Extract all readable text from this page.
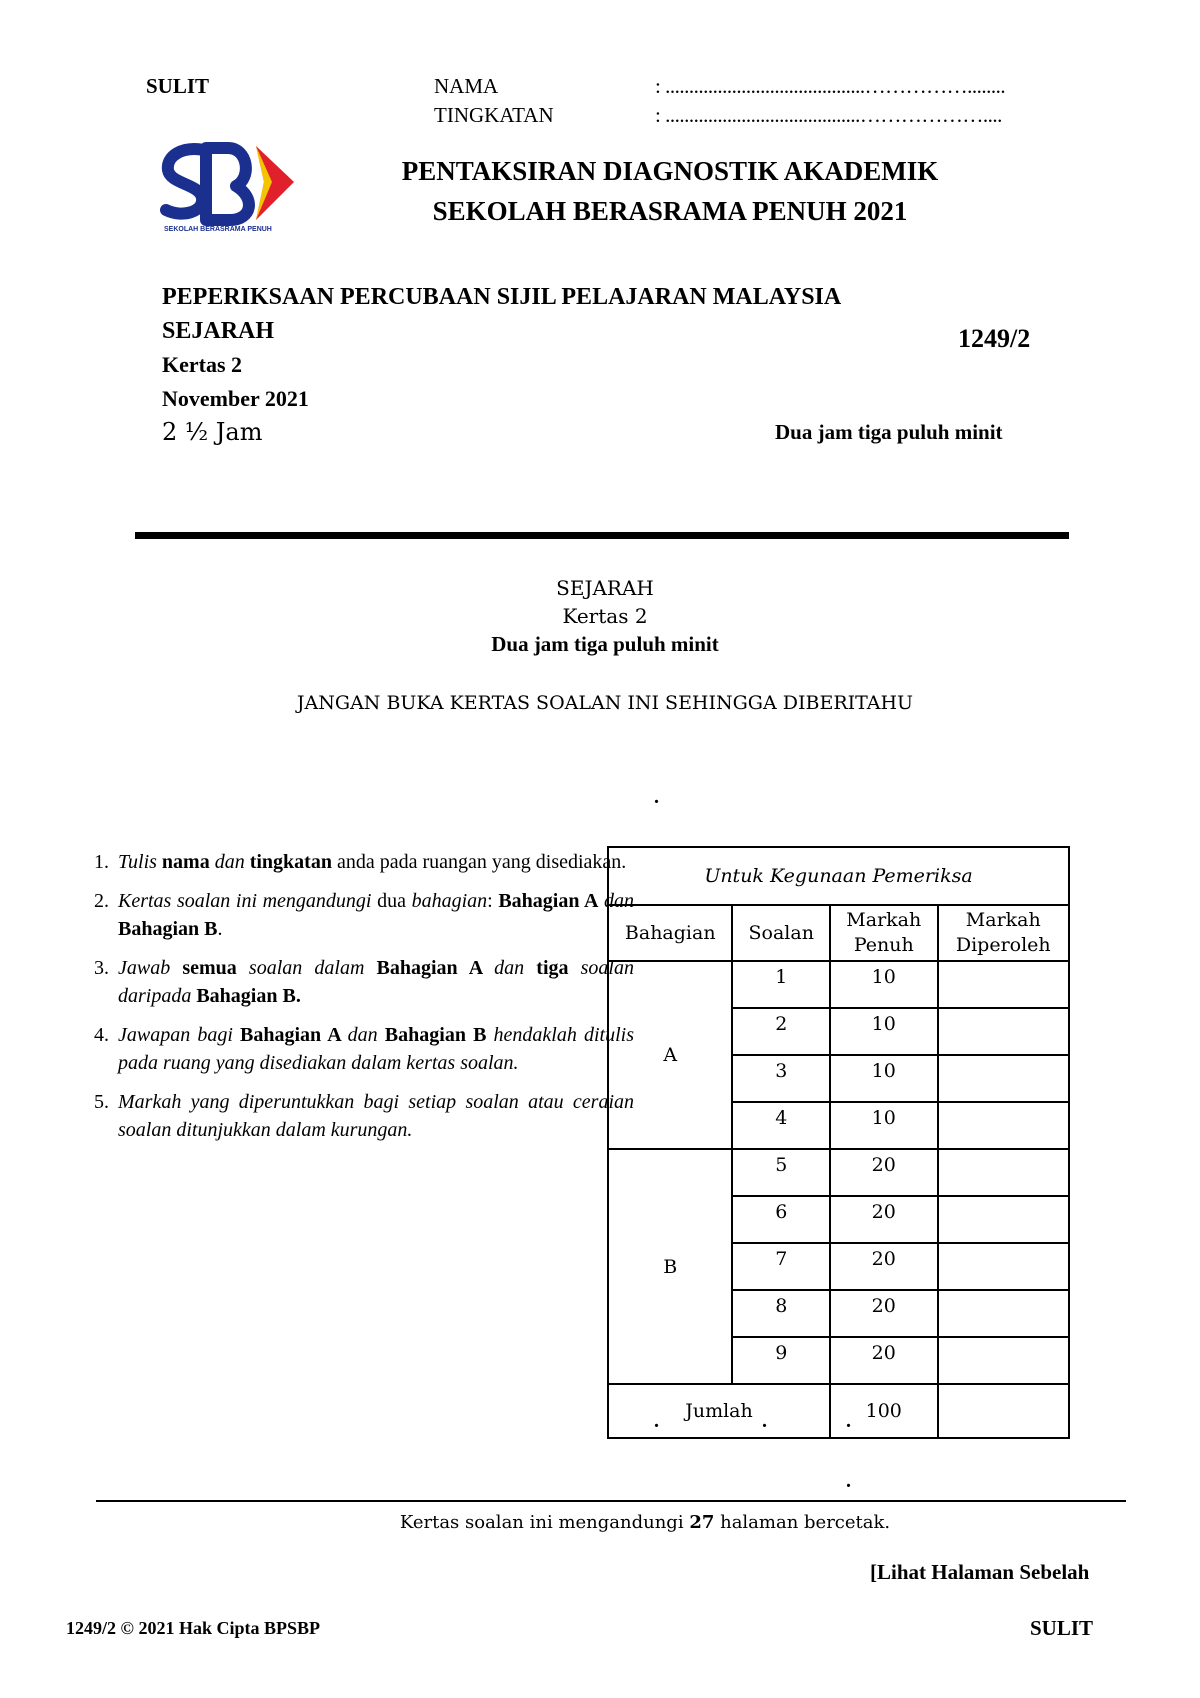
SULIT	NAMA	: ..........................................……………........
TINGKATAN	: .........................................………………....
SEKOLAH BERASRAMA PENUH
PENTAKSIRAN DIAGNOSTIK AKADEMIK
SEKOLAH BERASRAMA PENUH 2021
PEPERIKSAAN PERCUBAAN SIJIL PELAJARAN MALAYSIA
SEJARAH	1249/2
Kertas 2
November 2021
2 ½ Jam	Dua jam tiga puluh minit
SEJARAH
Kertas 2
Dua jam tiga puluh minit
JANGAN BUKA KERTAS SOALAN INI SEHINGGA DIBERITAHU
1. Tulis nama dan tingkatan anda pada ruangan yang disediakan.
2. Kertas soalan ini mengandungi dua bahagian: Bahagian A dan Bahagian B.
3. Jawab semua soalan dalam Bahagian A dan tiga soalan daripada Bahagian B.
4. Jawapan bagi Bahagian A dan Bahagian B hendaklah ditulis pada ruang yang disediakan dalam kertas soalan.
5. Markah yang diperuntukkan bagi setiap soalan atau ceraian soalan ditunjukkan dalam kurungan.
Untuk Kegunaan Pemeriksa			
Bahagian	Soalan	Markah Penuh	Markah Diperoleh
A	1	10	
	2	10	
	3	10	
	4	10	
B	5	20	
	6	20	
	7	20	
	8	20	
	9	20	
Jumlah		100	
.
.	.	.
.
Kertas soalan ini mengandungi 27 halaman bercetak.
[Lihat Halaman Sebelah
1249/2 © 2021 Hak Cipta BPSBP	SULIT
